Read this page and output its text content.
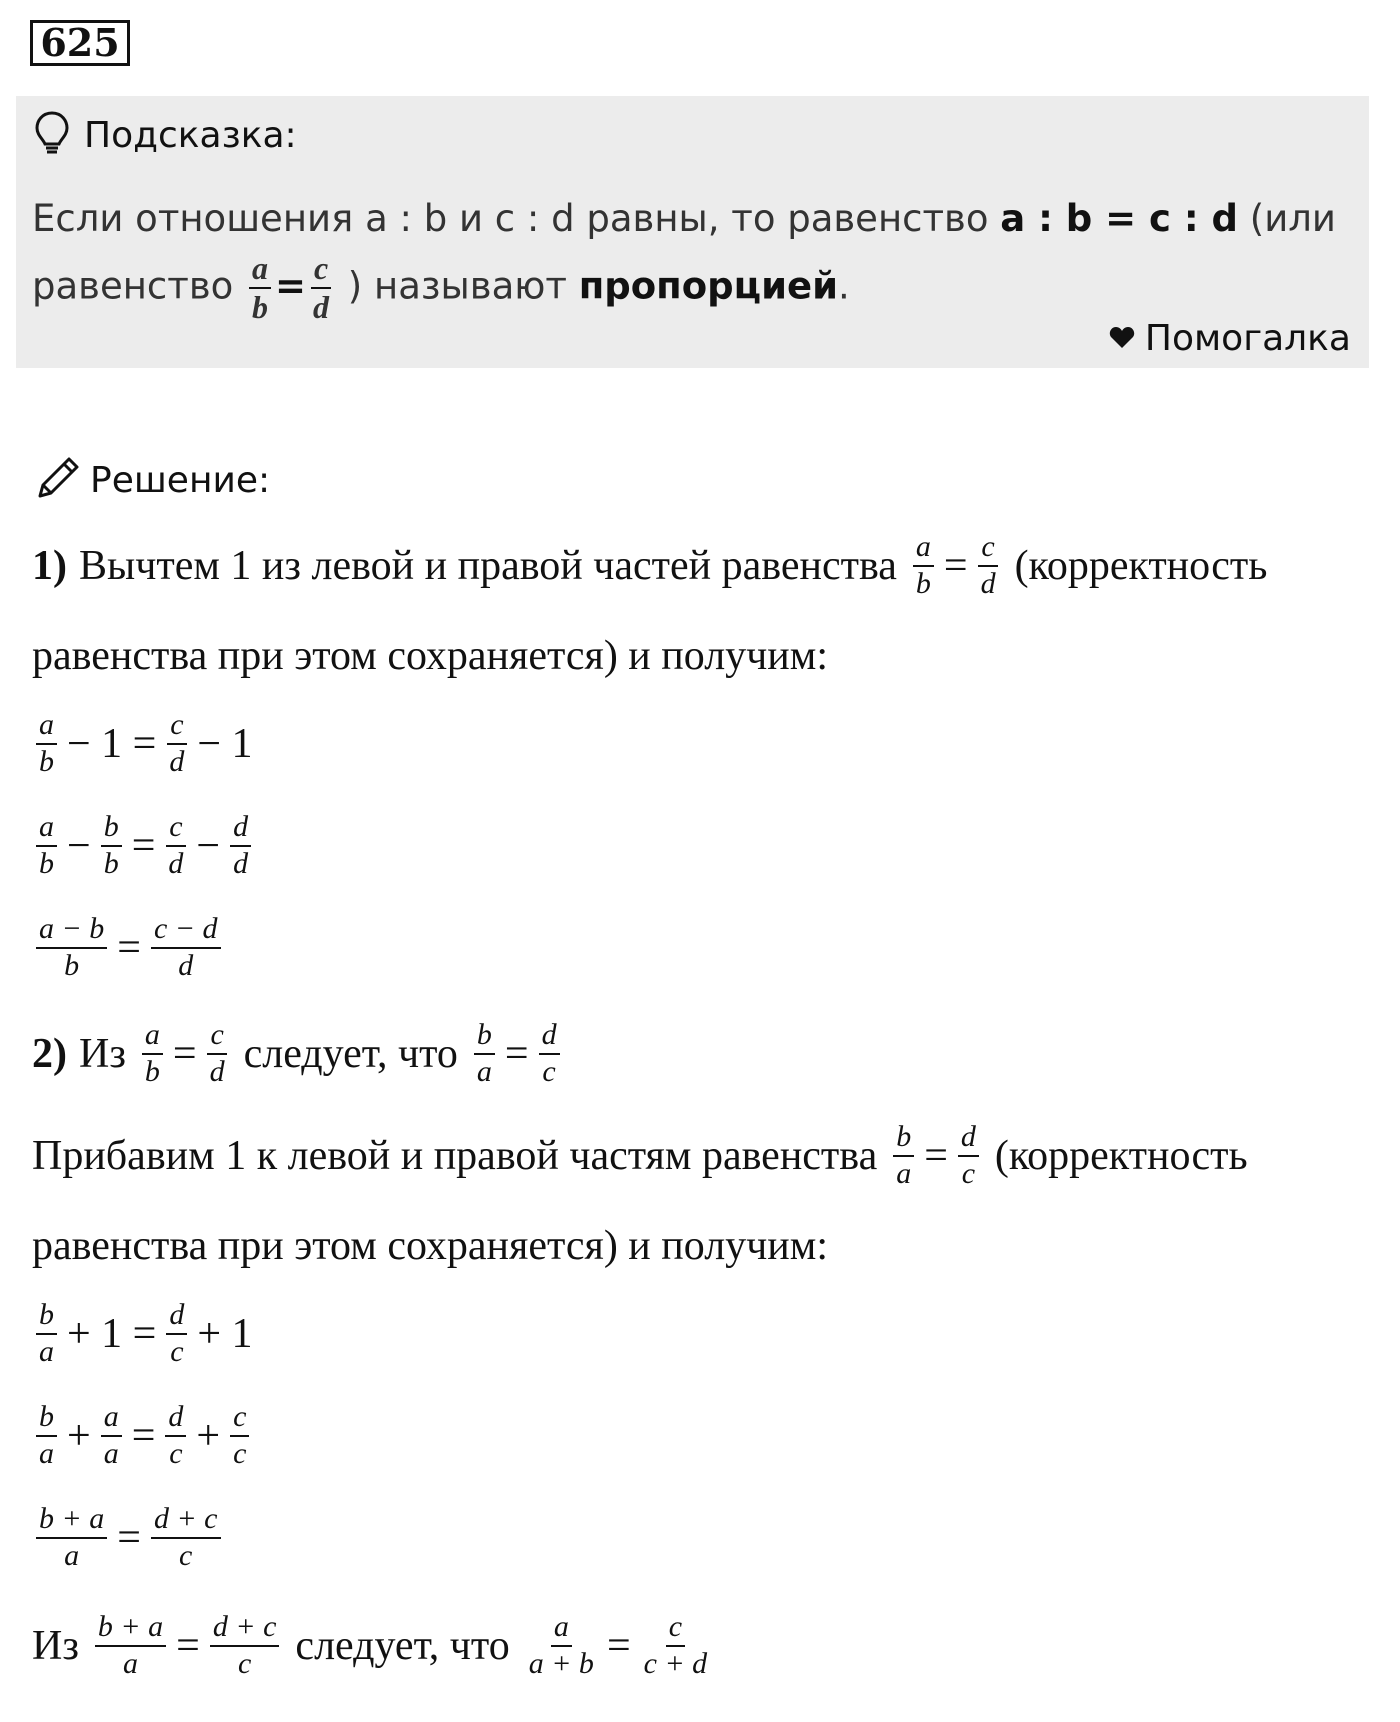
625
Подсказка:
Если отношения a : b и c : d равны, то равенство a : b = c : d (или
равенство $\frac{a}{b} = \frac{c}{d}$ ) называют пропорцией.
Помогалка
Решение:
1) Вычтем 1 из левой и правой частей равенства $\frac{a}{b} = \frac{c}{d}$ (корректность
равенства при этом сохраняется) и получим:
$\frac{a}{b} - 1 = \frac{c}{d} - 1$
$\frac{a}{b} - \frac{b}{b} = \frac{c}{d} - \frac{d}{d}$
$\frac{a - b}{b} = \frac{c - d}{d}$
2) Из $\frac{a}{b} = \frac{c}{d}$ следует, что $\frac{b}{a} = \frac{d}{c}$
Прибавим 1 к левой и правой частям равенства $\frac{b}{a} = \frac{d}{c}$ (корректность
равенства при этом сохраняется) и получим:
$\frac{b}{a} + 1 = \frac{d}{c} + 1$
$\frac{b}{a} + \frac{a}{a} = \frac{d}{c} + \frac{c}{c}$
$\frac{b + a}{a} = \frac{d + c}{c}$
Из $\frac{b + a}{a} = \frac{d + c}{c}$ следует, что $\frac{a}{a + b} = \frac{c}{c + d}$
